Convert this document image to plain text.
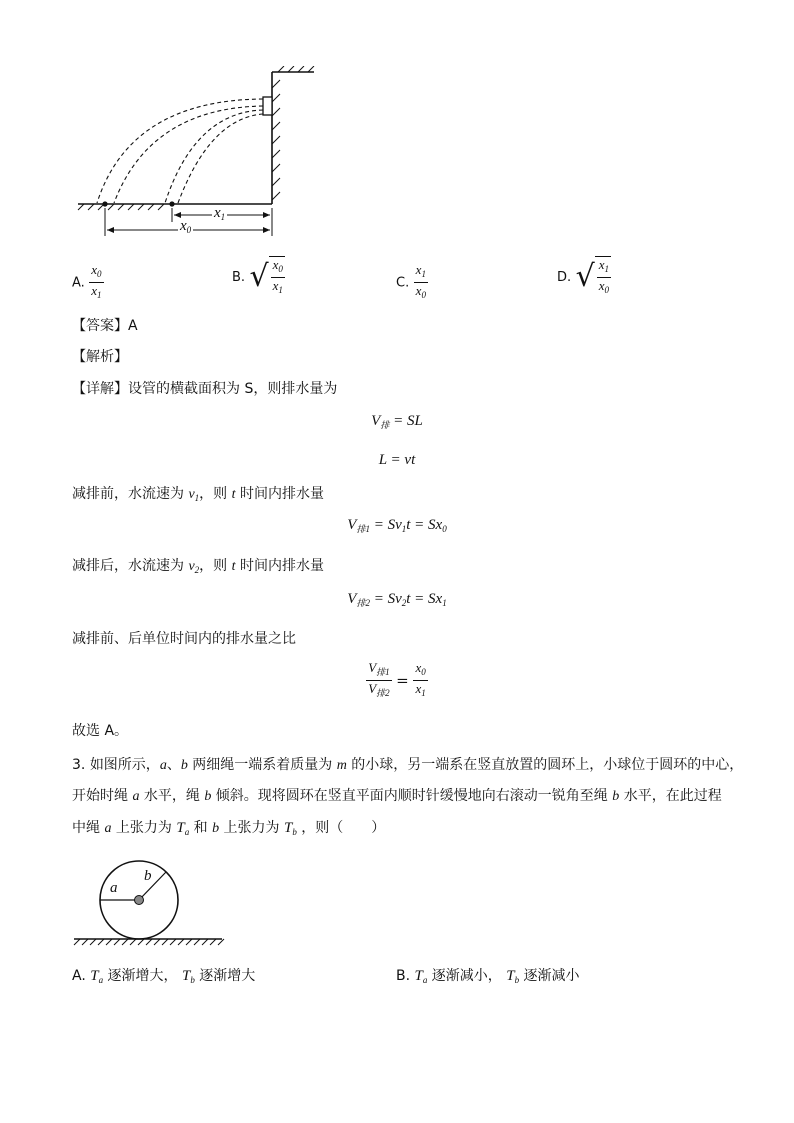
$x_1$
$x_0$
A. $\frac{x_0}{x_1}$	B. √ $\frac{x_0}{x_1}$	C. $\frac{x_1}{x_0}$	D. √ $\frac{x_1}{x_0}$
【答案】A
【解析】
【详解】设管的横截面积为 S，则排水量为
$V_排$ = SL
L = vt
减排前，水流速为 $v_1$，则 t 时间内排水量
$V_{排1} = Sv_1t = Sx_0$
减排后，水流速为 $v_2$，则 t 时间内排水量
$V_{排2} = Sv_2t = Sx_1$
减排前、后单位时间内的排水量之比
$\frac{V_{排1}}{V_{排2}} = \frac{x_0}{x_1}$
故选 A。
3. 如图所示，a、b 两细绳一端系着质量为 m 的小球，另一端系在竖直放置的圆环上，小球位于圆环的中心，
开始时绳 a 水平，绳 b 倾斜。现将圆环在竖直平面内顺时针缓慢地向右滚动一锐角至绳 b 水平，在此过程
中绳 a 上张力为 $T_a$ 和 b 上张力为 $T_b$ ，则（　　）
a
b
A. $T_a$ 逐渐增大， $T_b$ 逐渐增大	B. $T_a$ 逐渐减小， $T_b$ 逐渐减小
